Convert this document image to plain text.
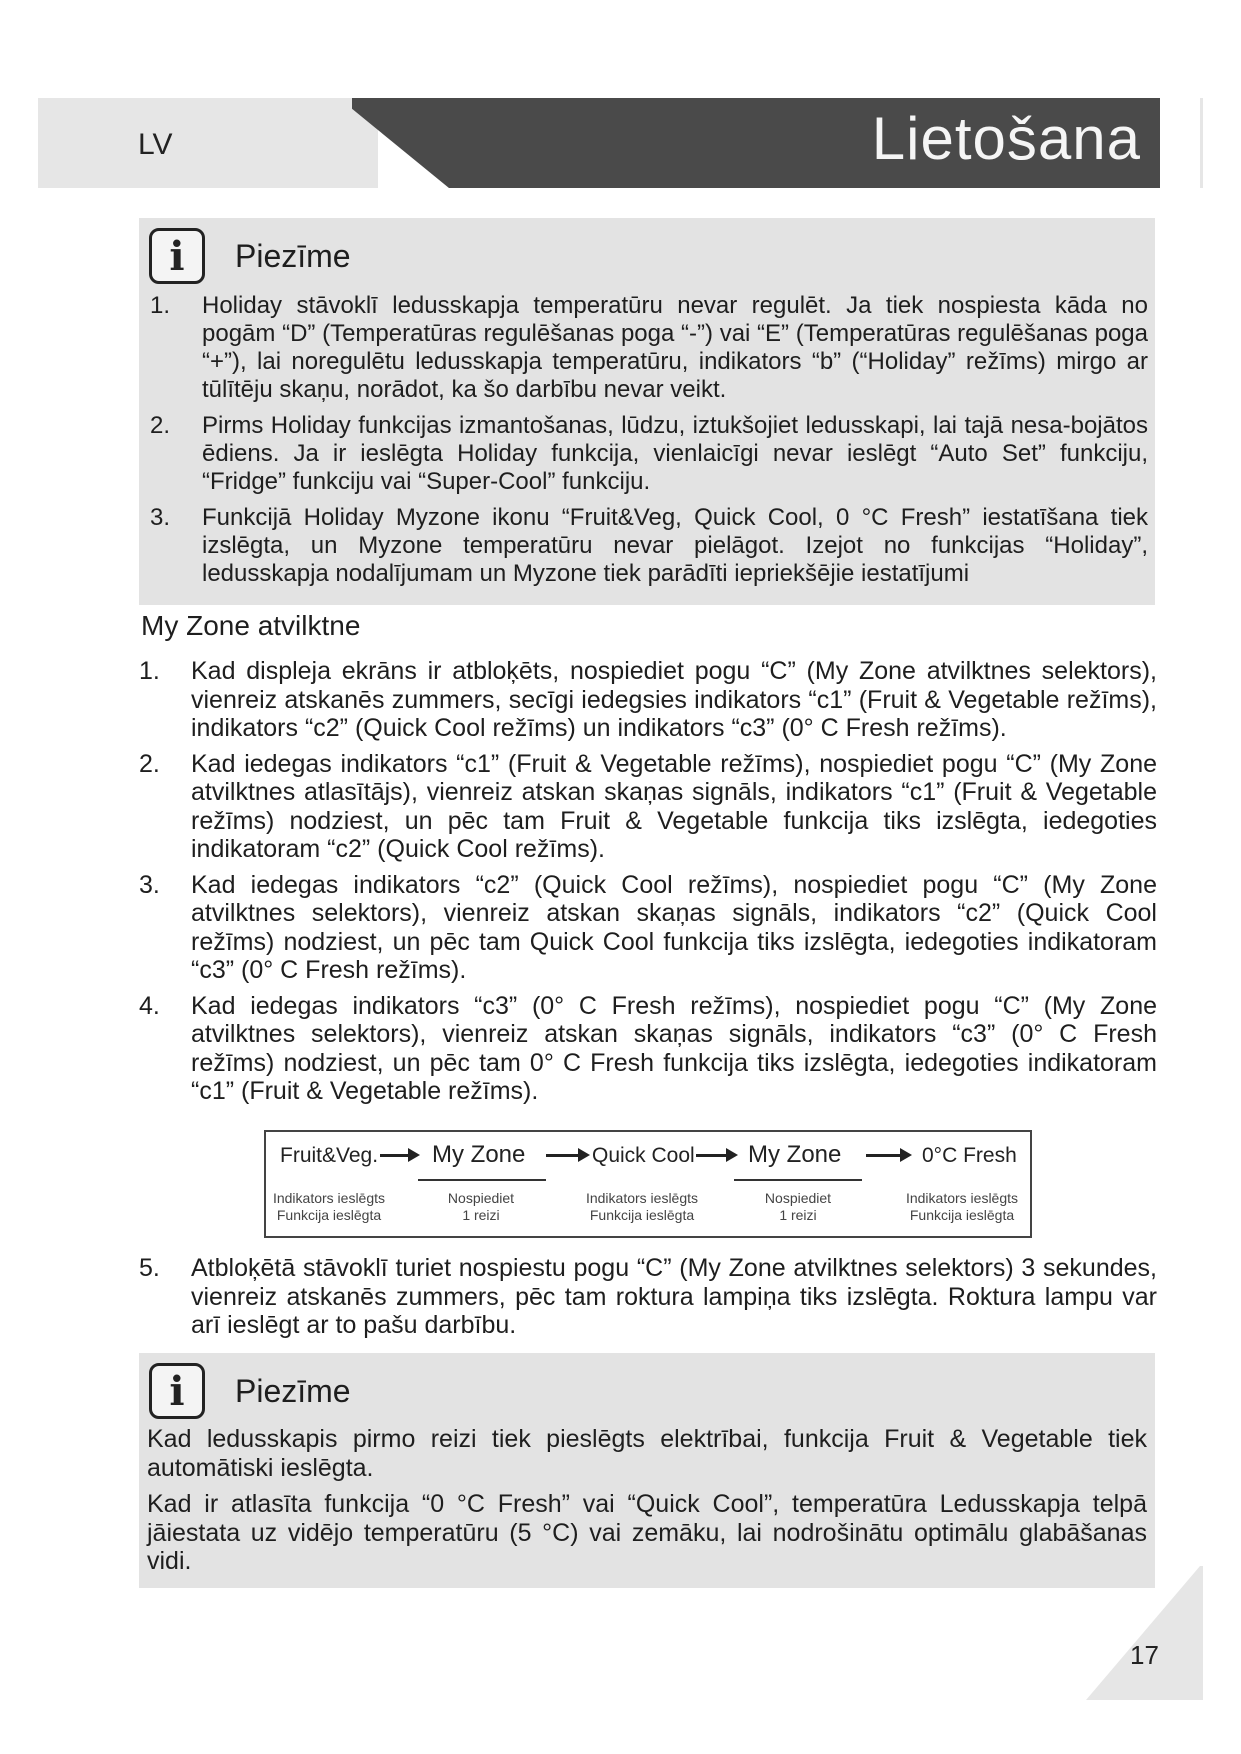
LV	Lietošana
i	Piezīme
1. Holiday stāvoklī ledusskapja temperatūru nevar regulēt. Ja tiek nospiesta kāda no pogām “D” (Temperatūras regulēšanas poga “-”) vai “E” (Temperatūras regulēšanas poga “+”), lai noregulētu ledusskapja temperatūru, indikators “b” (“Holiday” režīms) mirgo ar tūlītēju skaņu, norādot, ka šo darbību nevar veikt.
2. Pirms Holiday funkcijas izmantošanas, lūdzu, iztukšojiet ledusskapi, lai tajā nesa-bojātos ēdiens. Ja ir ieslēgta Holiday funkcija, vienlaicīgi nevar ieslēgt “Auto Set” funkciju, “Fridge” funkciju vai “Super-Cool” funkciju.
3. Funkcijā Holiday Myzone ikonu “Fruit&Veg, Quick Cool, 0 °C Fresh” iestatīšana tiek izslēgta, un Myzone temperatūru nevar pielāgot. Izejot no funkcijas “Holiday”, ledusskapja nodalījumam un Myzone tiek parādīti iepriekšējie iestatījumi
My Zone atvilktne
1. Kad displeja ekrāns ir atbloķēts, nospiediet pogu “C” (My Zone atvilktnes selektors), vienreiz atskanēs zummers, secīgi iedegsies indikators “c1” (Fruit & Vegetable režīms), indikators “c2” (Quick Cool režīms) un indikators “c3” (0° C Fresh režīms).
2. Kad iedegas indikators “c1” (Fruit & Vegetable režīms), nospiediet pogu “C” (My Zone atvilktnes atlasītājs), vienreiz atskan skaņas signāls, indikators “c1” (Fruit & Vegetable režīms) nodziest, un pēc tam Fruit & Vegetable funkcija tiks izslēgta, iedegoties indikatoram “c2” (Quick Cool režīms).
3. Kad iedegas indikators “c2” (Quick Cool režīms), nospiediet pogu “C” (My Zone atvilktnes selektors), vienreiz atskan skaņas signāls, indikators “c2” (Quick Cool režīms) nodziest, un pēc tam Quick Cool funkcija tiks izslēgta, iedegoties indikatoram “c3” (0° C Fresh režīms).
4. Kad iedegas indikators “c3” (0° C Fresh režīms), nospiediet pogu “C” (My Zone atvilktnes selektors), vienreiz atskan skaņas signāls, indikators “c3” (0° C Fresh režīms) nodziest, un pēc tam 0° C Fresh funkcija tiks izslēgta, iedegoties indikatoram “c1” (Fruit & Vegetable režīms).
Fruit&Veg. My Zone	Quick Cool My Zone	0°C Fresh
Indikators ieslēgts
Funkcija ieslēgta
Nospiediet
1 reizi
Indikators ieslēgts
Funkcija ieslēgta
Nospiediet
1 reizi
Indikators ieslēgts
Funkcija ieslēgta
5. Atbloķētā stāvoklī turiet nospiestu pogu “C” (My Zone atvilktnes selektors) 3 sekundes, vienreiz atskanēs zummers, pēc tam roktura lampiņa tiks izslēgta. Roktura lampu var arī ieslēgt ar to pašu darbību.
i	Piezīme

Kad ledusskapis pirmo reizi tiek pieslēgts elektrībai, funkcija Fruit & Vegetable tiek automātiski ieslēgta.

Kad ir atlasīta funkcija “0 °C Fresh” vai “Quick Cool”, temperatūra Ledusskapja telpā jāiestata uz vidējo temperatūru (5 °C) vai zemāku, lai nodrošinātu optimālu glabāšanas vidi.

17
